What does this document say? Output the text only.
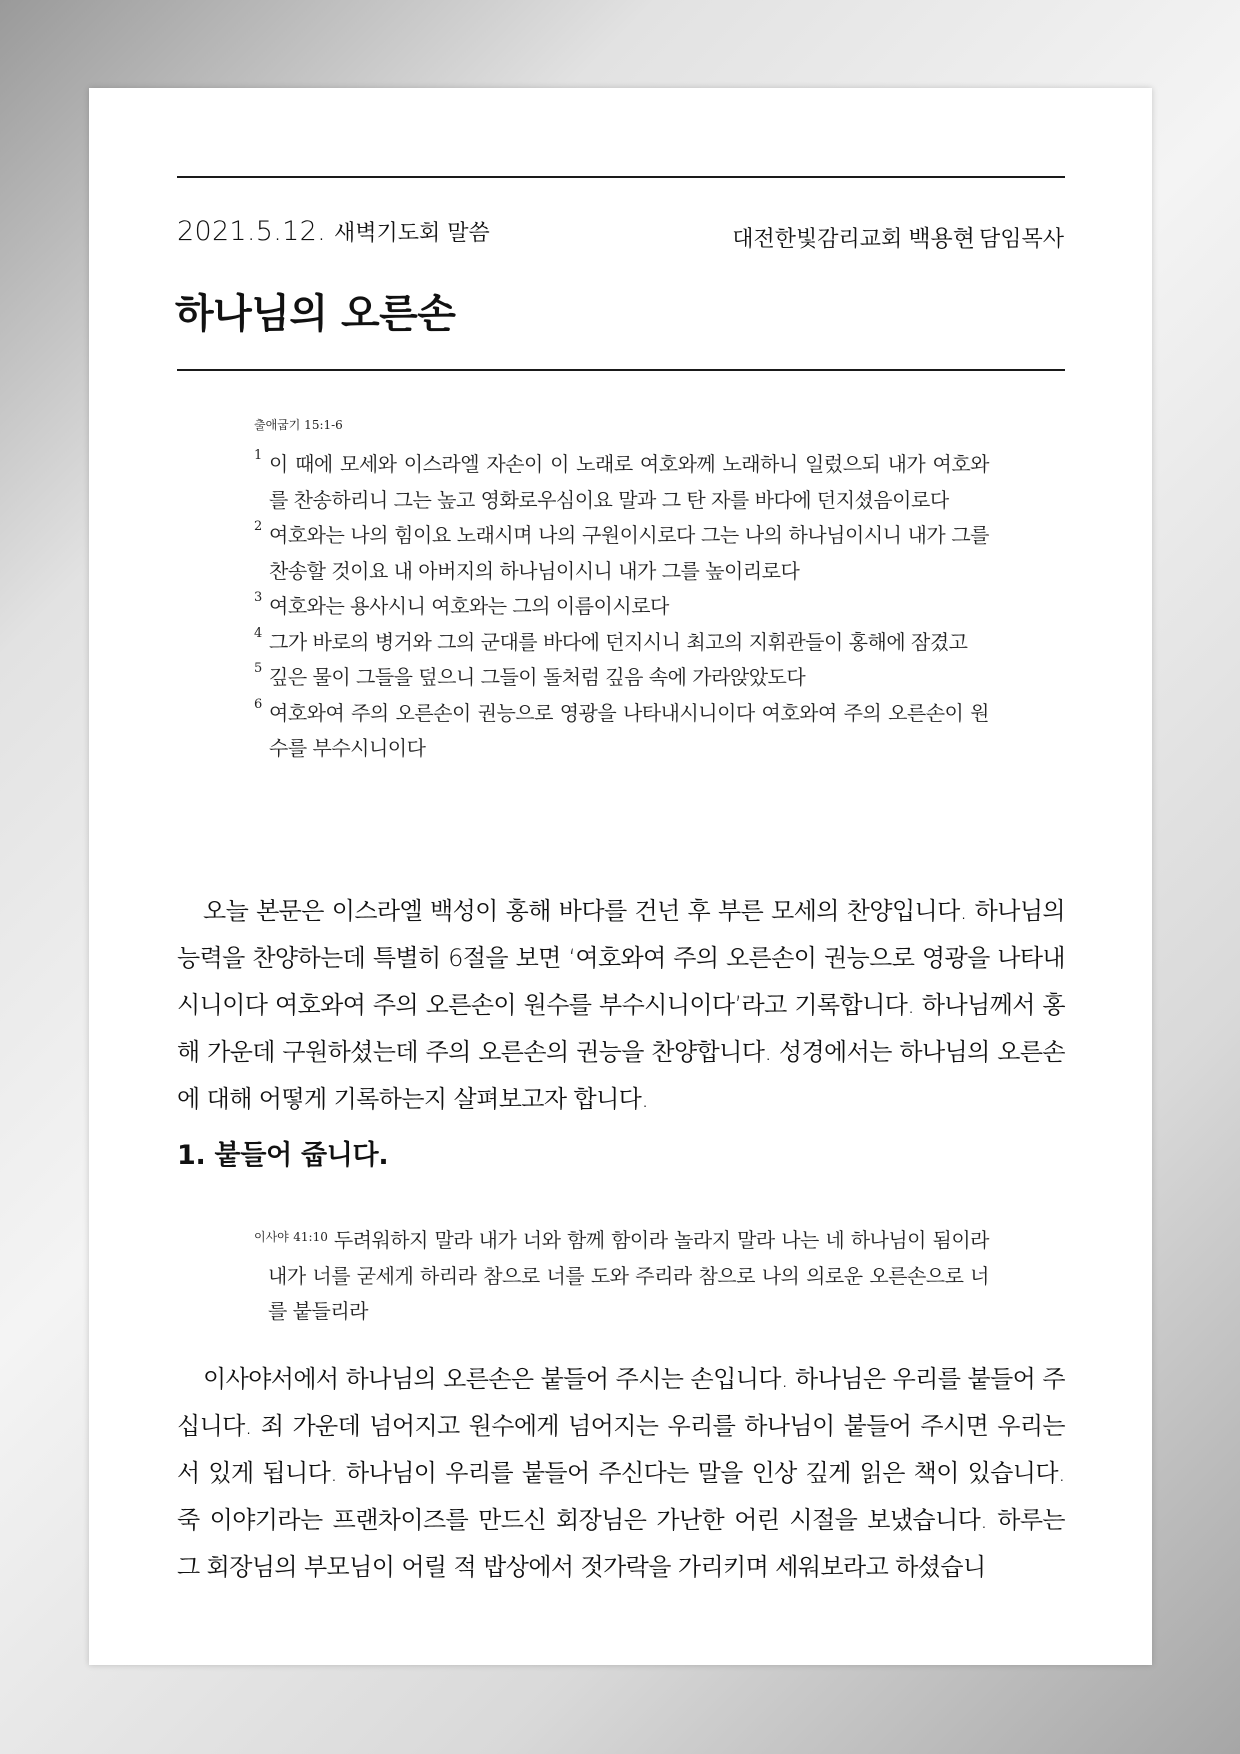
2021.5.12. 새벽기도회 말씀	대전한빛감리교회 백용현 담임목사
하나님의 오른손
출애굽기 15:1-6
1 이 때에 모세와 이스라엘 자손이 이 노래로 여호와께 노래하니 일렀으되 내가 여호와를 찬송하리니 그는 높고 영화로우심이요 말과 그 탄 자를 바다에 던지셨음이로다
2 여호와는 나의 힘이요 노래시며 나의 구원이시로다 그는 나의 하나님이시니 내가 그를 찬송할 것이요 내 아버지의 하나님이시니 내가 그를 높이리로다
3 여호와는 용사시니 여호와는 그의 이름이시로다
4 그가 바로의 병거와 그의 군대를 바다에 던지시니 최고의 지휘관들이 홍해에 잠겼고
5 깊은 물이 그들을 덮으니 그들이 돌처럼 깊음 속에 가라앉았도다
6 여호와여 주의 오른손이 권능으로 영광을 나타내시니이다 여호와여 주의 오른손이 원수를 부수시니이다

오늘 본문은 이스라엘 백성이 홍해 바다를 건넌 후 부른 모세의 찬양입니다. 하나님의 능력을 찬양하는데 특별히 6절을 보면 ‘여호와여 주의 오른손이 권능으로 영광을 나타내시니이다 여호와여 주의 오른손이 원수를 부수시니이다’라고 기록합니다. 하나님께서 홍해 가운데 구원하셨는데 주의 오른손의 권능을 찬양합니다. 성경에서는 하나님의 오른손에 대해 어떻게 기록하는지 살펴보고자 합니다.

1. 붙들어 줍니다.
$^{이사야 41:10}$ 두려워하지 말라 내가 너와 함께 함이라 놀라지 말라 나는 네 하나님이 됨이라 내가 너를 굳세게 하리라 참으로 너를 도와 주리라 참으로 나의 의로운 오른손으로 너를 붙들리라

이사야서에서 하나님의 오른손은 붙들어 주시는 손입니다. 하나님은 우리를 붙들어 주십니다. 죄 가운데 넘어지고 원수에게 넘어지는 우리를 하나님이 붙들어 주시면 우리는 서 있게 됩니다. 하나님이 우리를 붙들어 주신다는 말을 인상 깊게 읽은 책이 있습니다. 죽 이야기라는 프랜차이즈를 만드신 회장님은 가난한 어린 시절을 보냈습니다. 하루는 그 회장님의 부모님이 어릴 적 밥상에서 젓가락을 가리키며 세워보라고 하셨습니
